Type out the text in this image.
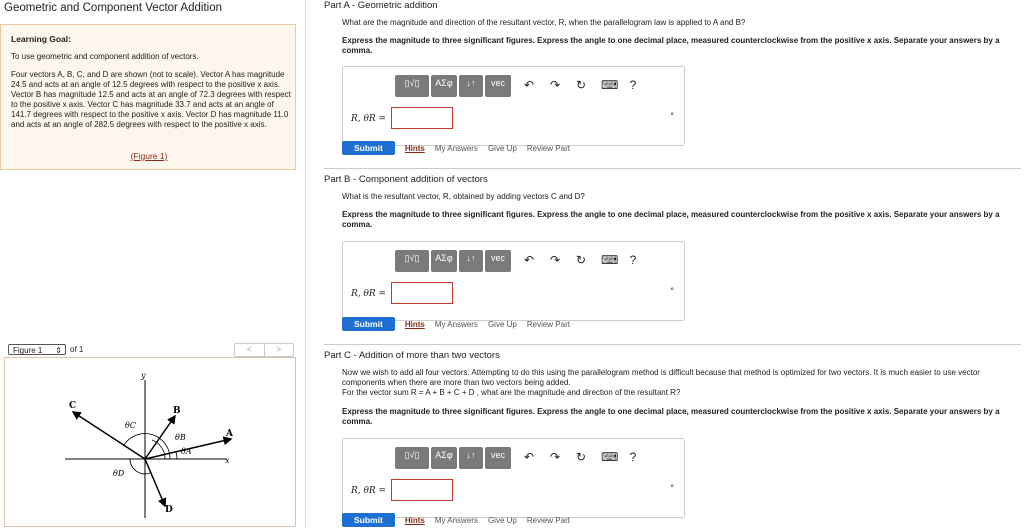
Geometric and Component Vector Addition
Learning Goal:
To use geometric and component addition of vectors.
Four vectors A, B, C, and D are shown (not to scale). Vector A has magnitude 24.5 and acts at an angle of 12.5 degrees with respect to the positive x axis. Vector B has magnitude 12.5 and acts at an angle of 72.3 degrees with respect to the positive x axis. Vector C has magnitude 33.7 and acts at an angle of 141.7 degrees with respect to the positive x axis. Vector D has magnitude 11.0 and acts at an angle of 282.5 degrees with respect to the positive x axis.
(Figure 1)
Figure 1 ⇕ of 1	<	>
y
x
A
B
C
D
θA
θB
θC
θD
Part A - Geometric addition
What are the magnitude and direction of the resultant vector, R, when the parallelogram law is applied to A and B?
Express the magnitude to three significant figures. Express the angle to one decimal place, measured counterclockwise from the positive x axis. Separate your answers by a comma.
▯√▯	ΑΣφ	↓↑	vec	↶ ↷ ↻ ⌨ ?
R, θR =	°
Submit	Hints My Answers Give Up Review Part
Part B - Component addition of vectors
What is the resultant vector, R, obtained by adding vectors C and D?
Express the magnitude to three significant figures. Express the angle to one decimal place, measured counterclockwise from the positive x axis. Separate your answers by a comma.
▯√▯	ΑΣφ	↓↑	vec	↶ ↷ ↻ ⌨ ?
R, θR =	°
Submit	Hints My Answers Give Up Review Part
Part C - Addition of more than two vectors
Now we wish to add all four vectors. Attempting to do this using the parallelogram method is difficult because that method is optimized for two vectors. It is much easier to use vector components when there are more than two vectors being added.
For the vector sum R = A + B + C + D , what are the magnitude and direction of the resultant R?
Express the magnitude to three significant figures. Express the angle to one decimal place, measured counterclockwise from the positive x axis. Separate your answers by a comma.
▯√▯	ΑΣφ	↓↑	vec	↶ ↷ ↻ ⌨ ?
R, θR =	°
Submit	Hints My Answers Give Up Review Part
